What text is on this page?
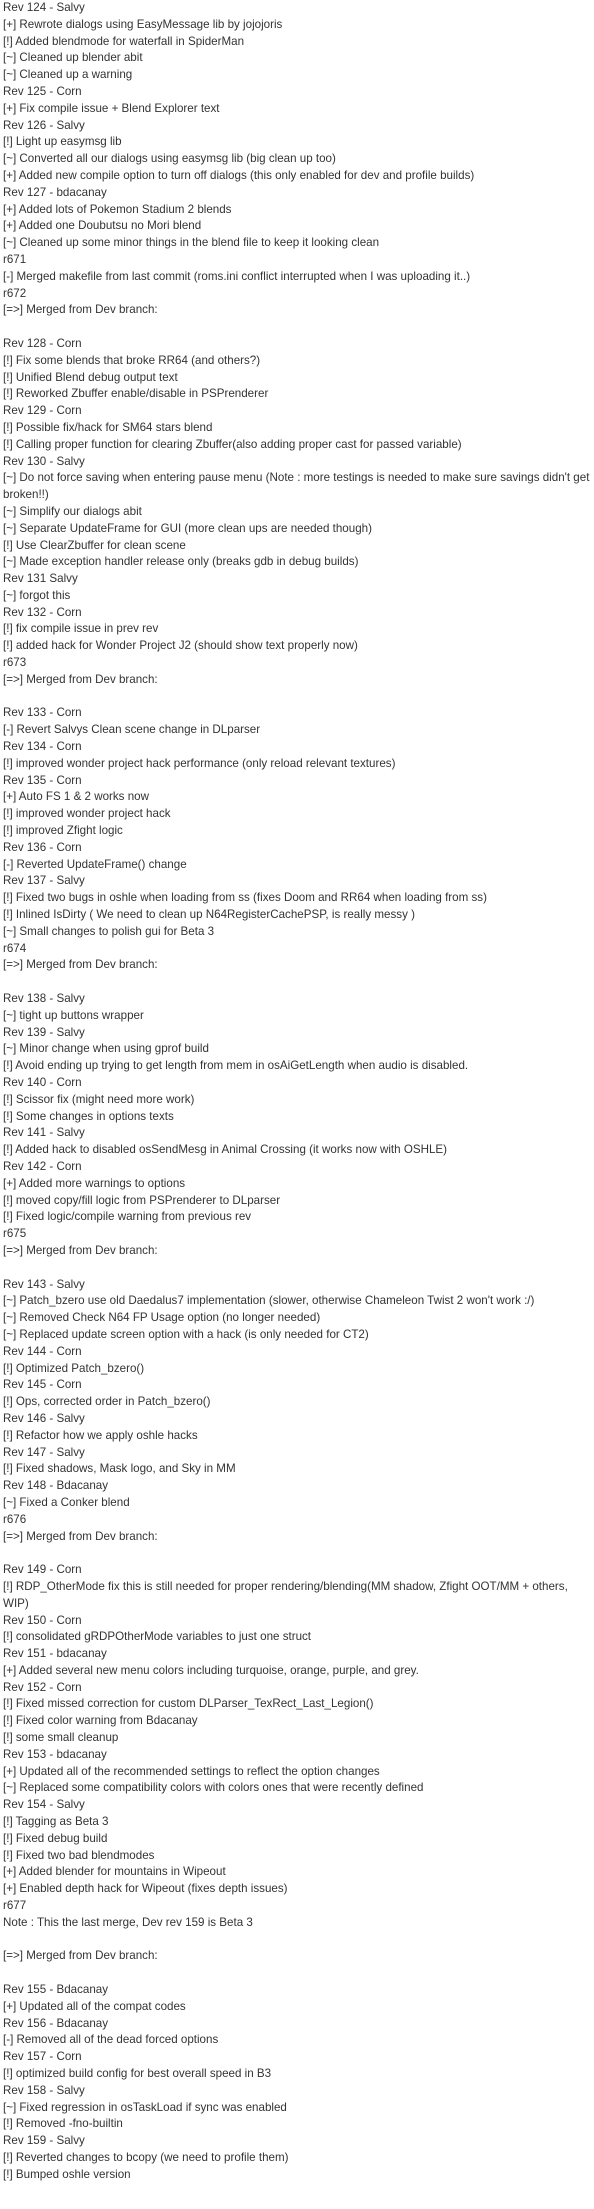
Rev 124 - Salvy
[+] Rewrote dialogs using EasyMessage lib by jojojoris
[!] Added blendmode for waterfall in SpiderMan
[~] Cleaned up blender abit
[~] Cleaned up a warning
Rev 125 - Corn
[+] Fix compile issue + Blend Explorer text
Rev 126 - Salvy
[!] Light up easymsg lib
[~] Converted all our dialogs using easymsg lib (big clean up too)
[+] Added new compile option to turn off dialogs (this only enabled for dev and profile builds)
Rev 127 - bdacanay
[+] Added lots of Pokemon Stadium 2 blends
[+] Added one Doubutsu no Mori blend
[~] Cleaned up some minor things in the blend file to keep it looking clean
r671
[-] Merged makefile from last commit (roms.ini conflict interrupted when I was uploading it..)
r672
[=>] Merged from Dev branch:
Rev 128 - Corn
[!] Fix some blends that broke RR64 (and others?)
[!] Unified Blend debug output text
[!] Reworked Zbuffer enable/disable in PSPrenderer
Rev 129 - Corn
[!] Possible fix/hack for SM64 stars blend
[!] Calling proper function for clearing Zbuffer(also adding proper cast for passed variable)
Rev 130 - Salvy
[~] Do not force saving when entering pause menu (Note : more testings is needed to make sure savings didn't get broken!!)
[~] Simplify our dialogs abit
[~] Separate UpdateFrame for GUI (more clean ups are needed though)
[!] Use ClearZbuffer for clean scene
[~] Made exception handler release only (breaks gdb in debug builds)
Rev 131 Salvy
[~] forgot this
Rev 132 - Corn
[!] fix compile issue in prev rev
[!] added hack for Wonder Project J2 (should show text properly now)
r673
[=>] Merged from Dev branch:
Rev 133 - Corn
[-] Revert Salvys Clean scene change in DLparser
Rev 134 - Corn
[!] improved wonder project hack performance (only reload relevant textures)
Rev 135 - Corn
[+] Auto FS 1 & 2 works now
[!] improved wonder project hack
[!] improved Zfight logic
Rev 136 - Corn
[-] Reverted UpdateFrame() change
Rev 137 - Salvy
[!] Fixed two bugs in oshle when loading from ss (fixes Doom and RR64 when loading from ss)
[!] Inlined IsDirty ( We need to clean up N64RegisterCachePSP, is really messy )
[~] Small changes to polish gui for Beta 3
r674
[=>] Merged from Dev branch:
Rev 138 - Salvy
[~] tight up buttons wrapper
Rev 139 - Salvy
[~] Minor change when using gprof build
[!] Avoid ending up trying to get length from mem in osAiGetLength when audio is disabled.
Rev 140 - Corn
[!] Scissor fix (might need more work)
[!] Some changes in options texts
Rev 141 - Salvy
[!] Added hack to disabled osSendMesg in Animal Crossing (it works now with OSHLE)
Rev 142 - Corn
[+] Added more warnings to options
[!] moved copy/fill logic from PSPrenderer to DLparser
[!] Fixed logic/compile warning from previous rev
r675
[=>] Merged from Dev branch:
Rev 143 - Salvy
[~] Patch_bzero use old Daedalus7 implementation (slower, otherwise Chameleon Twist 2 won't work :/)
[~] Removed Check N64 FP Usage option (no longer needed)
[~] Replaced update screen option with a hack (is only needed for CT2)
Rev 144 - Corn
[!] Optimized Patch_bzero()
Rev 145 - Corn
[!] Ops, corrected order in Patch_bzero()
Rev 146 - Salvy
[!] Refactor how we apply oshle hacks
Rev 147 - Salvy
[!] Fixed shadows, Mask logo, and Sky in MM
Rev 148 - Bdacanay
[~] Fixed a Conker blend
r676
[=>] Merged from Dev branch:
Rev 149 - Corn
[!] RDP_OtherMode fix this is still needed for proper rendering/blending(MM shadow, Zfight OOT/MM + others, WIP)
Rev 150 - Corn
[!] consolidated gRDPOtherMode variables to just one struct
Rev 151 - bdacanay
[+] Added several new menu colors including turquoise, orange, purple, and grey.
Rev 152 - Corn
[!] Fixed missed correction for custom DLParser_TexRect_Last_Legion()
[!] Fixed color warning from Bdacanay
[!] some small cleanup
Rev 153 - bdacanay
[+] Updated all of the recommended settings to reflect the option changes
[~] Replaced some compatibility colors with colors ones that were recently defined
Rev 154 - Salvy
[!] Tagging as Beta 3
[!] Fixed debug build
[!] Fixed two bad blendmodes
[+] Added blender for mountains in Wipeout
[+] Enabled depth hack for Wipeout (fixes depth issues)
r677
Note : This the last merge, Dev rev 159 is Beta 3
[=>] Merged from Dev branch:
Rev 155 - Bdacanay
[+] Updated all of the compat codes
Rev 156 - Bdacanay
[-] Removed all of the dead forced options
Rev 157 - Corn
[!] optimized build config for best overall speed in B3
Rev 158 - Salvy
[~] Fixed regression in osTaskLoad if sync was enabled
[!] Removed -fno-builtin
Rev 159 - Salvy
[!] Reverted changes to bcopy (we need to profile them)
[!] Bumped oshle version
